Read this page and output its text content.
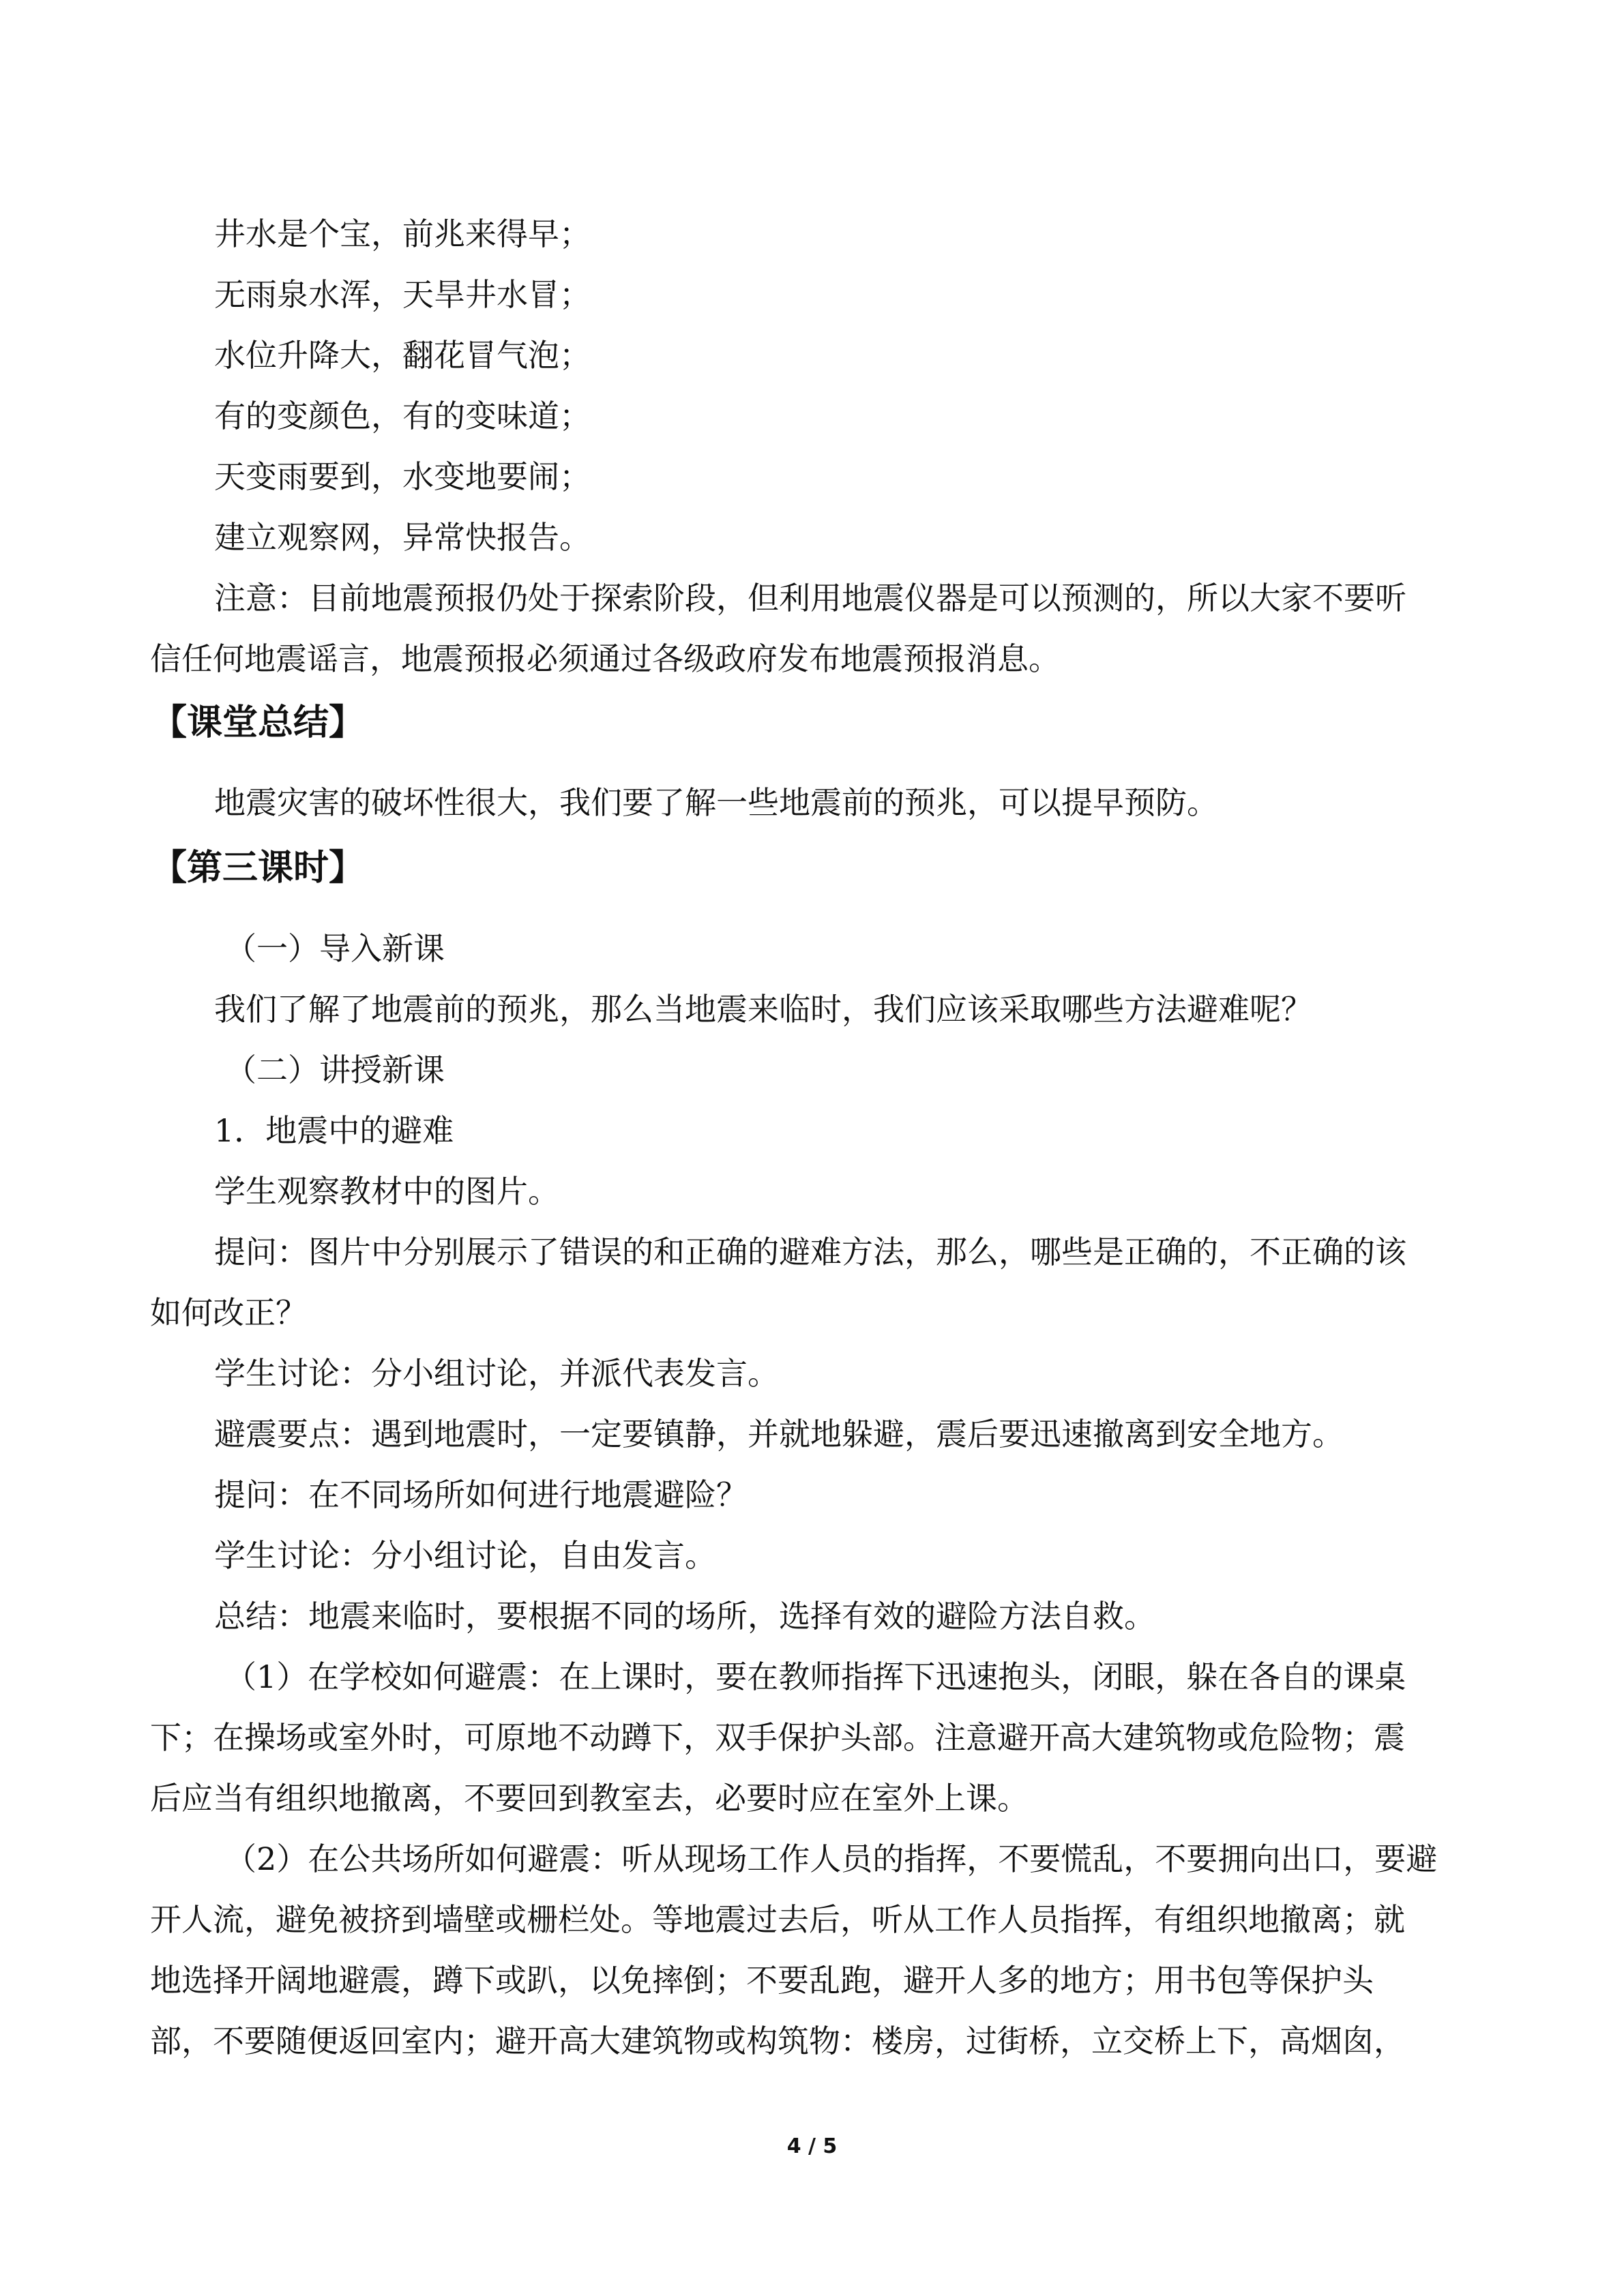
井水是个宝，前兆来得早；
无雨泉水浑，天旱井水冒；
水位升降大，翻花冒气泡；
有的变颜色，有的变味道；
天变雨要到，水变地要闹；
建立观察网，异常快报告。
注意：目前地震预报仍处于探索阶段，但利用地震仪器是可以预测的，所以大家不要听
信任何地震谣言，地震预报必须通过各级政府发布地震预报消息。
【课堂总结】
地震灾害的破坏性很大，我们要了解一些地震前的预兆，可以提早预防。
【第三课时】
（一）导入新课
我们了解了地震前的预兆，那么当地震来临时，我们应该采取哪些方法避难呢？
（二）讲授新课
1．地震中的避难
学生观察教材中的图片。
提问：图片中分别展示了错误的和正确的避难方法，那么，哪些是正确的，不正确的该
如何改正？
学生讨论：分小组讨论，并派代表发言。
避震要点：遇到地震时，一定要镇静，并就地躲避，震后要迅速撤离到安全地方。
提问：在不同场所如何进行地震避险？
学生讨论：分小组讨论，自由发言。
总结：地震来临时，要根据不同的场所，选择有效的避险方法自救。
（1）在学校如何避震：在上课时，要在教师指挥下迅速抱头，闭眼，躲在各自的课桌
下；在操场或室外时，可原地不动蹲下，双手保护头部。注意避开高大建筑物或危险物；震
后应当有组织地撤离，不要回到教室去，必要时应在室外上课。
（2）在公共场所如何避震：听从现场工作人员的指挥，不要慌乱，不要拥向出口，要避
开人流，避免被挤到墙壁或栅栏处。等地震过去后，听从工作人员指挥，有组织地撤离；就
地选择开阔地避震，蹲下或趴，以免摔倒；不要乱跑，避开人多的地方；用书包等保护头
部，不要随便返回室内；避开高大建筑物或构筑物：楼房，过街桥，立交桥上下，高烟囱，
4 / 5
